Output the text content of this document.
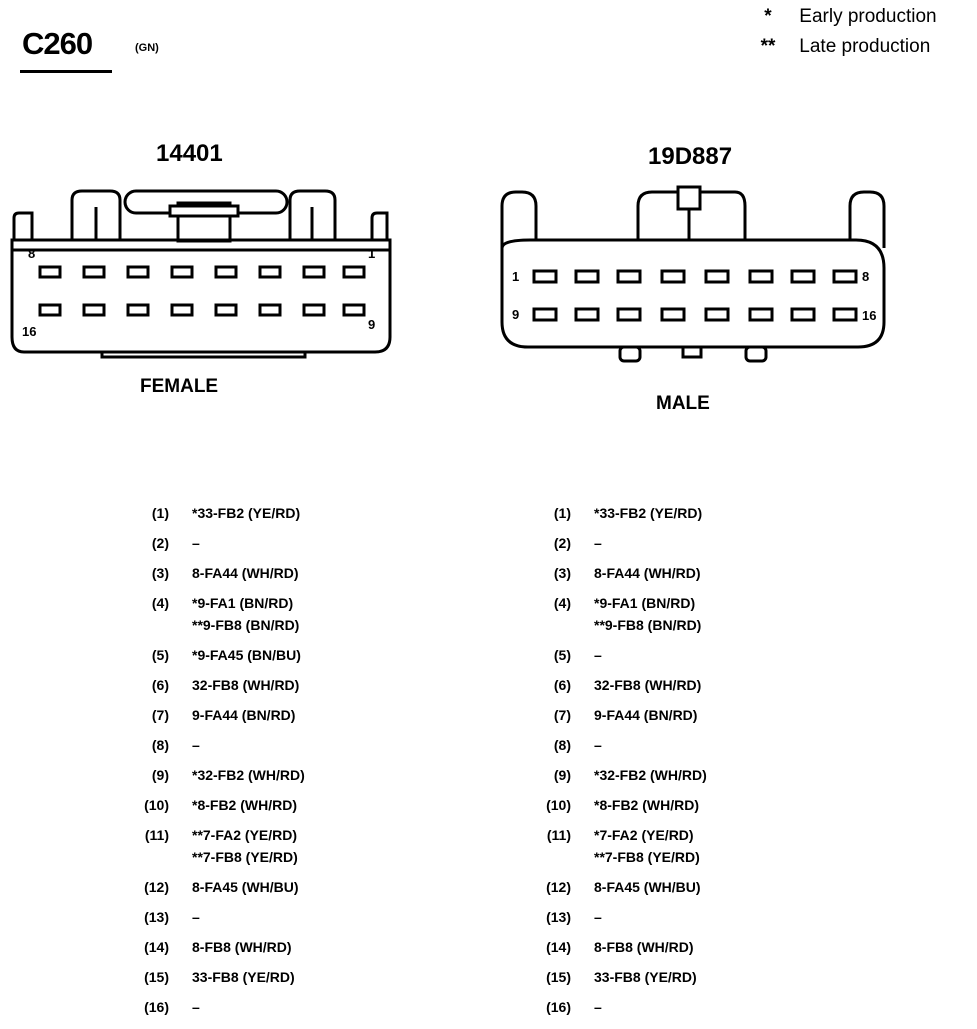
C260	(GN)
* Early production
** Late production
14401	19D887
FEMALE
MALE
8	1
16	9
1	8
9	16
(1) *33-FB2 (YE/RD)
(2) –
(3) 8-FA44 (WH/RD)
(4) *9-FA1 (BN/RD)
**9-FB8 (BN/RD)
(5) *9-FA45 (BN/BU)
(6) 32-FB8 (WH/RD)
(7) 9-FA44 (BN/RD)
(8) –
(9) *32-FB2 (WH/RD)
(10) *8-FB2 (WH/RD)
(11) **7-FA2 (YE/RD)
**7-FB8 (YE/RD)
(12) 8-FA45 (WH/BU)
(13) –
(14) 8-FB8 (WH/RD)
(15) 33-FB8 (YE/RD)
(16) –
(1) *33-FB2 (YE/RD)
(2) –
(3) 8-FA44 (WH/RD)
(4) *9-FA1 (BN/RD)
**9-FB8 (BN/RD)
(5) –
(6) 32-FB8 (WH/RD)
(7) 9-FA44 (BN/RD)
(8) –
(9) *32-FB2 (WH/RD)
(10) *8-FB2 (WH/RD)
(11) *7-FA2 (YE/RD)
**7-FB8 (YE/RD)
(12) 8-FA45 (WH/BU)
(13) –
(14) 8-FB8 (WH/RD)
(15) 33-FB8 (YE/RD)
(16) –
